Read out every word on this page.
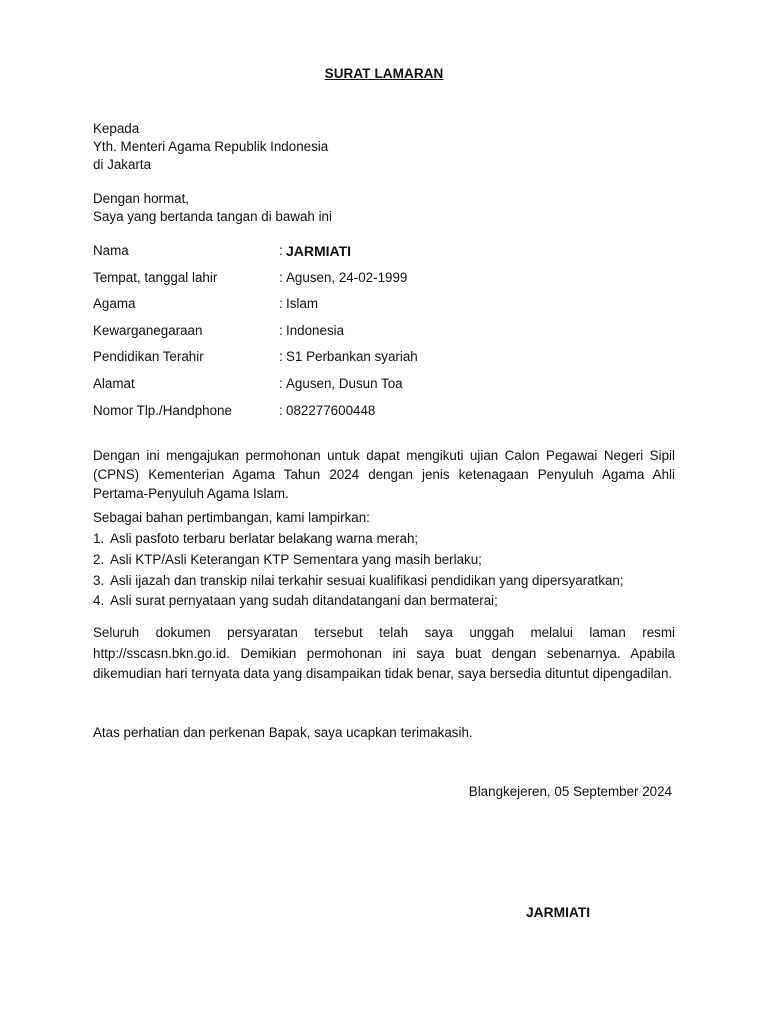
SURAT LAMARAN
Kepada
Yth. Menteri Agama Republik Indonesia
di Jakarta
Dengan hormat,
Saya yang bertanda tangan di bawah ini
Nama	: JARMIATI
Tempat, tanggal lahir	: Agusen, 24-02-1999
Agama	: Islam
Kewarganegaraan	: Indonesia
Pendidikan Terahir	: S1 Perbankan syariah
Alamat	: Agusen, Dusun Toa
Nomor Tlp./Handphone	: 082277600448
Dengan ini mengajukan permohonan untuk dapat mengikuti ujian Calon Pegawai Negeri Sipil (CPNS) Kementerian Agama Tahun 2024 dengan jenis ketenagaan Penyuluh Agama Ahli Pertama-Penyuluh Agama Islam.
Sebagai bahan pertimbangan, kami lampirkan:
1. Asli pasfoto terbaru berlatar belakang warna merah;
2. Asli KTP/Asli Keterangan KTP Sementara yang masih berlaku;
3. Asli ijazah dan transkip nilai terkahir sesuai kualifikasi pendidikan yang dipersyaratkan;
4. Asli surat pernyataan yang sudah ditandatangani dan bermaterai;
Seluruh dokumen persyaratan tersebut telah saya unggah melalui laman resmi http://sscasn.bkn.go.id. Demikian permohonan ini saya buat dengan sebenarnya. Apabila dikemudian hari ternyata data yang disampaikan tidak benar, saya bersedia dituntut dipengadilan.
Atas perhatian dan perkenan Bapak, saya ucapkan terimakasih.
Blangkejeren, 05 September 2024
JARMIATI
